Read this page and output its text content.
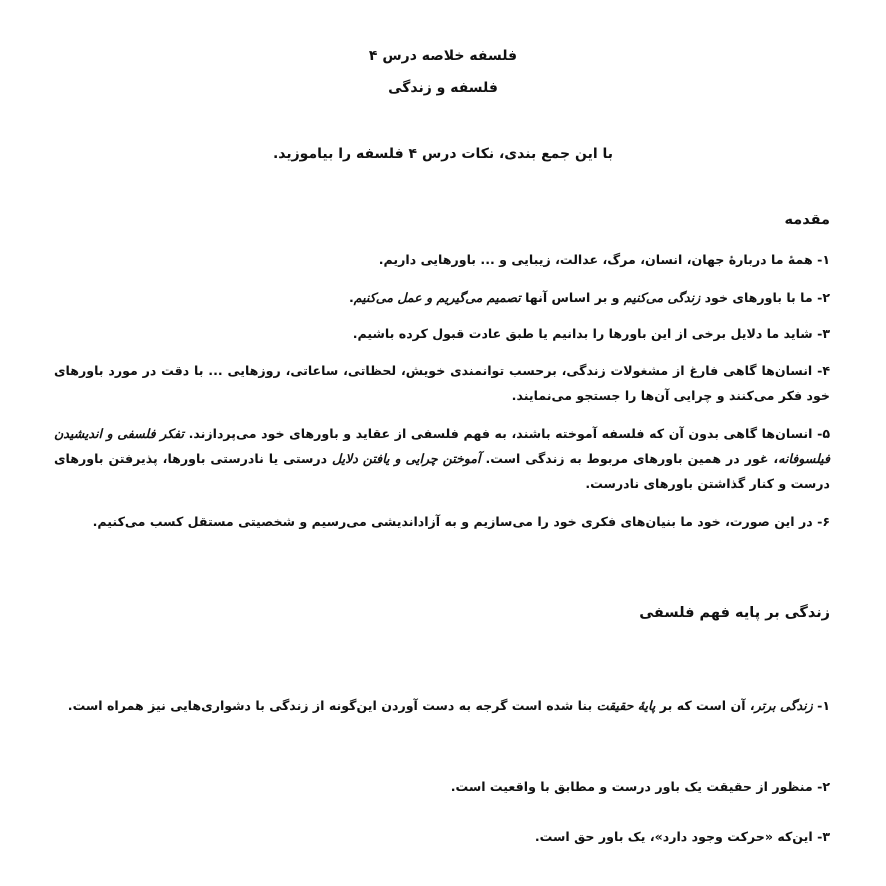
فلسفه خلاصه درس ۴
فلسفه و زندگی
با این جمع بندی، نکات درس ۴ فلسفه را بیاموزید.
مقدمه
۱- همهٔ ما دربارهٔ جهان، انسان، مرگ، عدالت، زیبایی و ... باورهایی داریم.
۲- ما با باورهای خود زندگی می‌کنیم و بر اساس آنها تصمیم می‌گیریم و عمل می‌کنیم.
۳- شاید ما دلایل برخی از این باورها را بدانیم یا طبق عادت قبول کرده باشیم.
۴- انسان‌ها گاهی فارغ از مشغولات زندگی، برحسب توانمندی خویش، لحظاتی، ساعاتی، روزهایی ... با دقت در مورد باورهای خود فکر می‌کنند و چرایی آن‌ها را جستجو می‌نمایند.
۵- انسان‌ها گاهی بدون آن که فلسفه آموخته باشند، به فهم فلسفی از عقاید و باورهای خود می‌پردازند. تفکر فلسفی و اندیشیدن فیلسوفانه، غور در همین باورهای مربوط به زندگی است. آموختن چرایی و یافتن دلایل درستی یا نادرستی باورها، پذیرفتن باورهای درست و کنار گذاشتن باورهای نادرست.
۶- در این صورت، خود ما بنیان‌های فکری خود را می‌سازیم و به آزاداندیشی می‌رسیم و شخصیتی مستقل کسب می‌کنیم.
زندگی بر پایه فهم فلسفی
۱- زندگی برتر، آن است که بر پایهٔ حقیقت بنا شده است گرجه به دست آوردن این‌گونه از زندگی با دشواری‌هایی نیز همراه است.
۲- منظور از حقیقت یک باور درست و مطابق با واقعیت است.
۳- این‌که «حرکت وجود دارد»، یک باور حق است.
